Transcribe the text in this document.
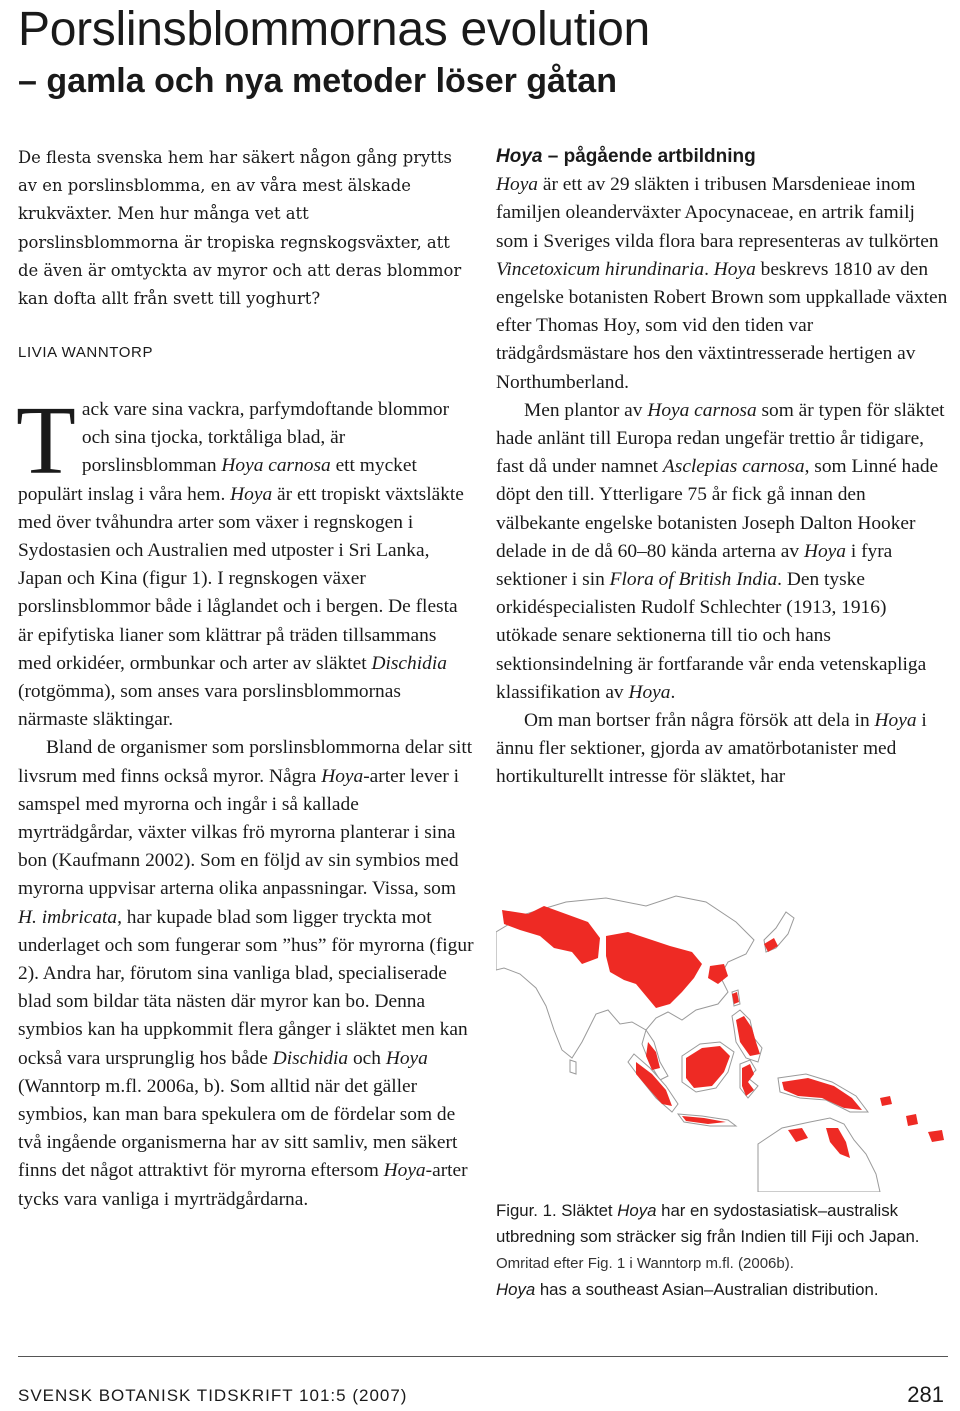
Porslinsblommornas evolution
– gamla och nya metoder löser gåtan
De flesta svenska hem har säkert någon gång prytts av en porslinsblomma, en av våra mest älskade krukväxter. Men hur många vet att porslinsblommorna är tropiska regnskogsväxter, att de även är omtyckta av myror och att deras blommor kan dofta allt från svett till yoghurt?
LIVIA WANNTORP

Tack vare sina vackra, parfymdoftande blommor och sina tjocka, torktåliga blad, är porslinsblomman Hoya carnosa ett mycket populärt inslag i våra hem. Hoya är ett tropiskt växtsläkte med över tvåhundra arter som växer i regnskogen i Sydostasien och Australien med utposter i Sri Lanka, Japan och Kina (figur 1). I regnskogen växer porslinsblommor både i låglandet och i bergen. De flesta är epifytiska lianer som klättrar på träden tillsammans med orkidéer, ormbunkar och arter av släktet Dischidia (rotgömma), som anses vara porslinsblommornas närmaste släktingar.

Bland de organismer som porslinsblommorna delar sitt livsrum med finns också myror. Några Hoya-arter lever i samspel med myrorna och ingår i så kallade myrträdgårdar, växter vilkas frö myrorna planterar i sina bon (Kaufmann 2002). Som en följd av sin symbios med myrorna uppvisar arterna olika anpassningar. Vissa, som H. imbricata, har kupade blad som ligger tryckta mot underlaget och som fungerar som ”hus” för myrorna (figur 2). Andra har, förutom sina vanliga blad, specialiserade blad som bildar täta nästen där myror kan bo. Denna symbios kan ha uppkommit flera gånger i släktet men kan också vara ursprunglig hos både Dischidia och Hoya (Wanntorp m.fl. 2006a, b). Som alltid när det gäller symbios, kan man bara spekulera om de fördelar som de två ingående organismerna har av sitt samliv, men säkert finns det något attraktivt för myrorna eftersom Hoya-arter tycks vara vanliga i myrträdgårdarna.

Hoya – pågående artbildning

Hoya är ett av 29 släkten i tribusen Marsdenieae inom familjen oleanderväxter Apocynaceae, en artrik familj som i Sveriges vilda flora bara representeras av tulkörten Vincetoxicum hirundinaria. Hoya beskrevs 1810 av den engelske botanisten Robert Brown som uppkallade växten efter Thomas Hoy, som vid den tiden var trädgårdsmästare hos den växtintresserade hertigen av Northumberland.

Men plantor av Hoya carnosa som är typen för släktet hade anlänt till Europa redan ungefär trettio år tidigare, fast då under namnet Asclepias carnosa, som Linné hade döpt den till. Ytterligare 75 år fick gå innan den välbekante engelske botanisten Joseph Dalton Hooker delade in de då 60–80 kända arterna av Hoya i fyra sektioner i sin Flora of British India. Den tyske orkidéspecialisten Rudolf Schlechter (1913, 1916) utökade senare sektionerna till tio och hans sektionsindelning är fortfarande vår enda vetenskapliga klassifikation av Hoya.

Om man bortser från några försök att dela in Hoya i ännu fler sektioner, gjorda av amatörbotanister med hortikulturellt intresse för släktet, har

Figur. 1. Släktet Hoya har en sydostasiatisk–australisk utbredning som sträcker sig från Indien till Fiji och Japan. Omritad efter Fig. 1 i Wanntorp m.fl. (2006b).
Hoya has a southeast Asian–Australian distribution.
SVENSK BOTANISK TIDSKRIFT 101:5 (2007)	281
